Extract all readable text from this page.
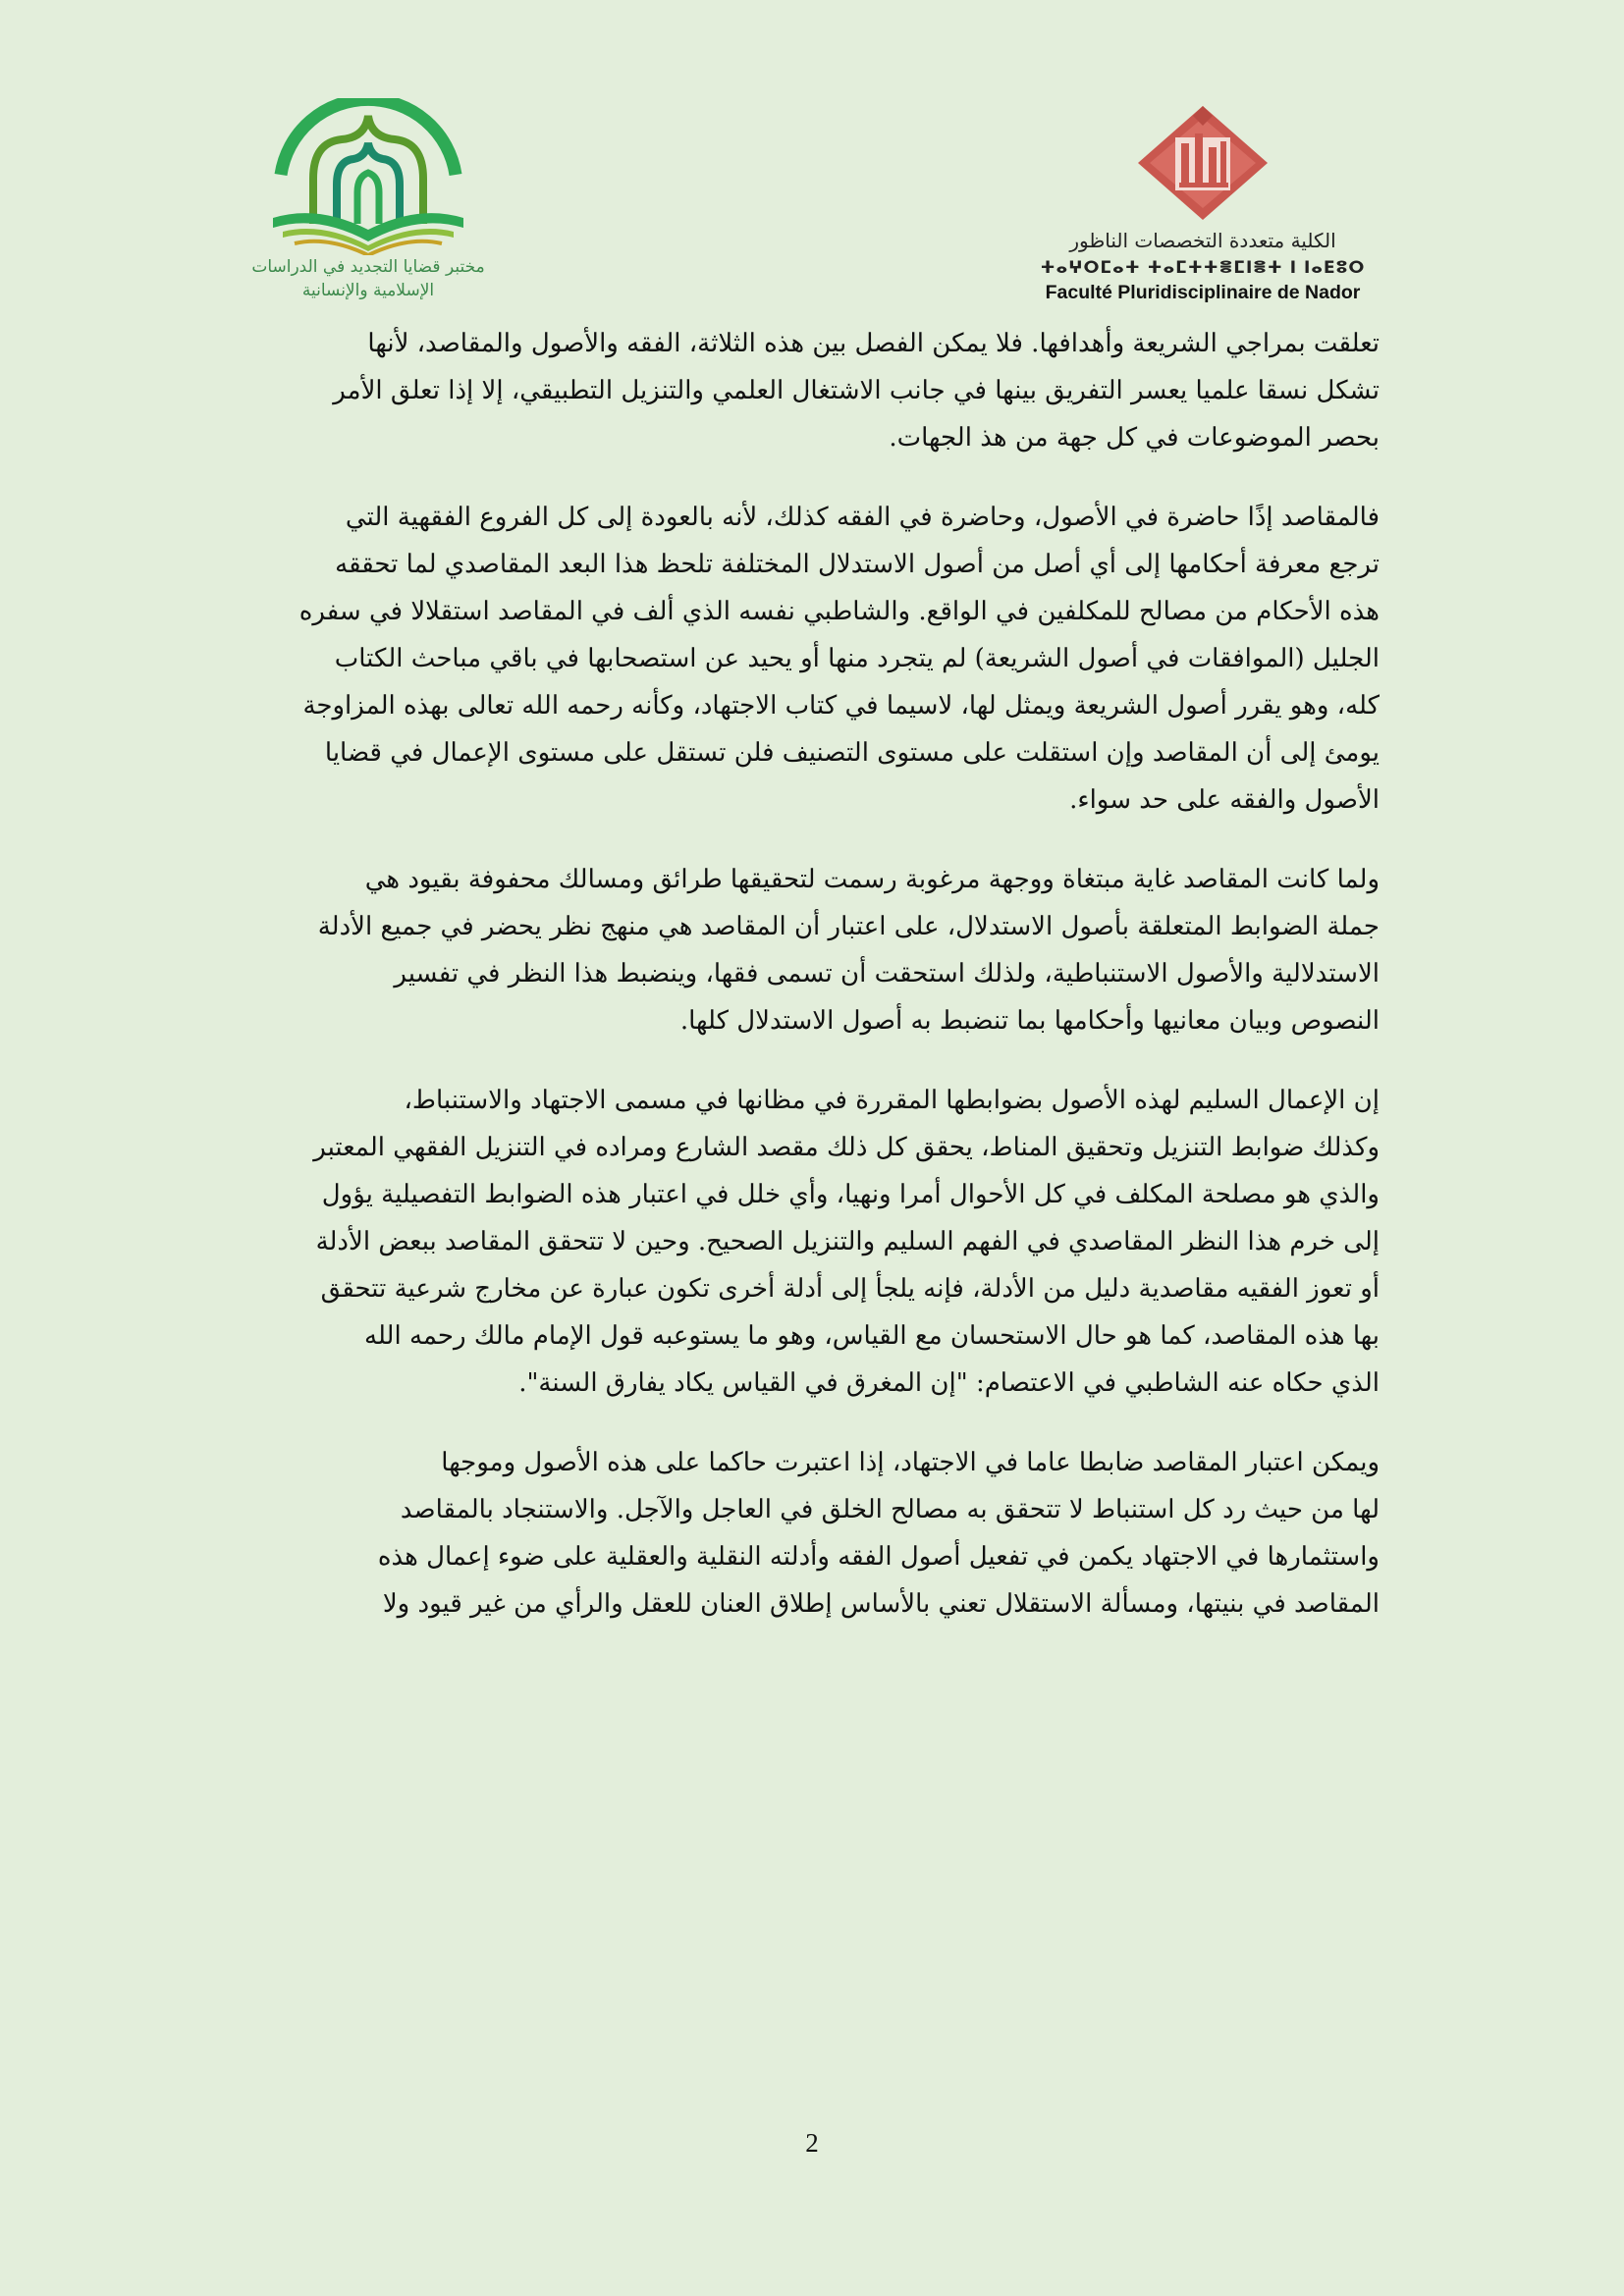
مختبر قضايا التجديد في الدراسات
الإسلامية والإنسانية
الكلية متعددة التخصصات الناظور
ⵜⴰⵖⵔⵎⴰⵜ ⵜⴰⵎⵜⵜⴻⵎⵏⴻⵜ ⵏ ⵏⴰⴹⵓⵔ
Faculté Pluridisciplinaire de Nador
تعلقت بمراجي الشريعة وأهدافها. فلا يمكن الفصل بين هذه الثلاثة، الفقه والأصول والمقاصد، لأنها
تشكل نسقا علميا يعسر التفريق بينها في جانب الاشتغال العلمي والتنزيل التطبيقي، إلا إذا تعلق الأمر
بحصر الموضوعات في كل جهة من هذ الجهات.
فالمقاصد إذًا حاضرة في الأصول، وحاضرة في الفقه كذلك، لأنه بالعودة إلى كل الفروع الفقهية التي
ترجع معرفة أحكامها إلى أي أصل من أصول الاستدلال المختلفة تلحظ هذا البعد المقاصدي لما تحققه
هذه الأحكام من مصالح للمكلفين في الواقع. والشاطبي نفسه الذي ألف في المقاصد استقلالا في سفره
الجليل (الموافقات في أصول الشريعة) لم يتجرد منها أو يحيد عن استصحابها في باقي مباحث الكتاب
كله، وهو يقرر أصول الشريعة ويمثل لها، لاسيما في كتاب الاجتهاد، وكأنه رحمه الله تعالى بهذه المزاوجة
يومئ إلى أن المقاصد وإن استقلت على مستوى التصنيف فلن تستقل على مستوى الإعمال في قضايا
الأصول والفقه على حد سواء.
ولما كانت المقاصد غاية مبتغاة ووجهة مرغوبة رسمت لتحقيقها طرائق ومسالك محفوفة بقيود هي
جملة الضوابط المتعلقة بأصول الاستدلال، على اعتبار أن المقاصد هي منهج نظر يحضر في جميع الأدلة
الاستدلالية والأصول الاستنباطية، ولذلك استحقت أن تسمى فقها، وينضبط هذا النظر في تفسير
النصوص وبيان معانيها وأحكامها بما تنضبط به أصول الاستدلال كلها.
إن الإعمال السليم لهذه الأصول بضوابطها المقررة في مظانها في مسمى الاجتهاد والاستنباط،
وكذلك ضوابط التنزيل وتحقيق المناط، يحقق كل ذلك مقصد الشارع ومراده في التنزيل الفقهي المعتبر
والذي هو مصلحة المكلف في كل الأحوال أمرا ونهيا، وأي خلل في اعتبار هذه الضوابط التفصيلية يؤول
إلى خرم هذا النظر المقاصدي في الفهم السليم والتنزيل الصحيح. وحين لا تتحقق المقاصد ببعض الأدلة
أو تعوز الفقيه مقاصدية دليل من الأدلة، فإنه يلجأ إلى أدلة أخرى تكون عبارة عن مخارج شرعية تتحقق
بها هذه المقاصد، كما هو حال الاستحسان مع القياس، وهو ما يستوعبه قول الإمام مالك رحمه الله
الذي حكاه عنه الشاطبي في الاعتصام: "إن المغرق في القياس يكاد يفارق السنة".
ويمكن اعتبار المقاصد ضابطا عاما في الاجتهاد، إذا اعتبرت حاكما على هذه الأصول وموجها
لها من حيث رد كل استنباط لا تتحقق به مصالح الخلق في العاجل والآجل. والاستنجاد بالمقاصد
واستثمارها في الاجتهاد يكمن في تفعيل أصول الفقه وأدلته النقلية والعقلية على ضوء إعمال هذه
المقاصد في بنيتها، ومسألة الاستقلال تعني بالأساس إطلاق العنان للعقل والرأي من غير قيود ولا
2
